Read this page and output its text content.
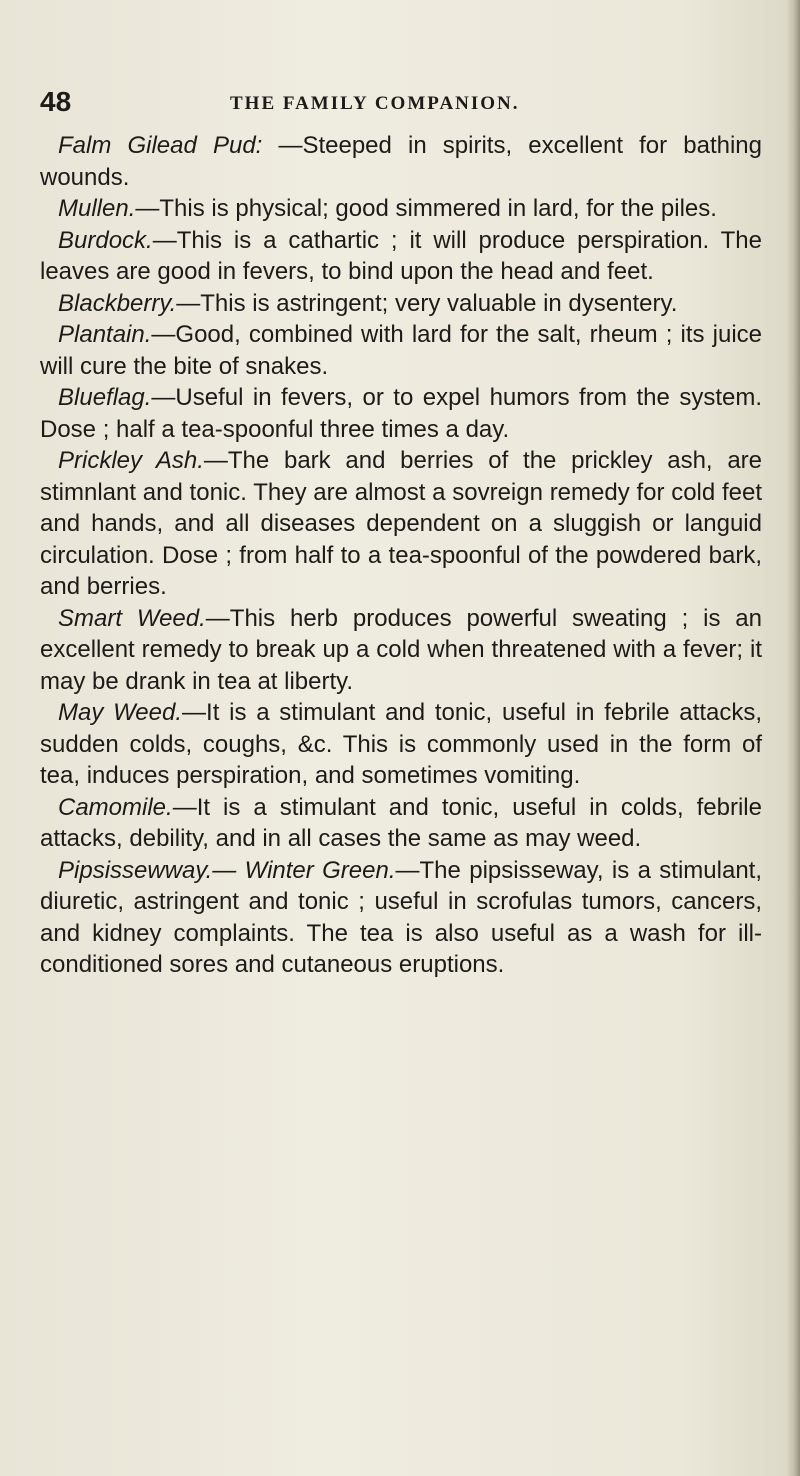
48	THE FAMILY COMPANION.

Falm Gilead Pud: —Steeped in spirits, excellent for bathing wounds.

Mullen.—This is physical; good simmered in lard, for the piles.

Burdock.—This is a cathartic ; it will produce perspiration. The leaves are good in fevers, to bind upon the head and feet.

Blackberry.—This is astringent; very valuable in dysentery.

Plantain.—Good, combined with lard for the salt, rheum ; its juice will cure the bite of snakes.

Blueflag.—Useful in fevers, or to expel humors from the system. Dose ; half a tea-spoonful three times a day.

Prickley Ash.—The bark and berries of the prickley ash, are stimnlant and tonic. They are almost a sovreign remedy for cold feet and hands, and all diseases dependent on a sluggish or languid circulation. Dose ; from half to a tea-spoonful of the powdered bark, and berries.

Smart Weed.—This herb produces powerful sweating ; is an excellent remedy to break up a cold when threatened with a fever; it may be drank in tea at liberty.

May Weed.—It is a stimulant and tonic, useful in febrile attacks, sudden colds, coughs, &c. This is commonly used in the form of tea, induces perspiration, and sometimes vomiting.

Camomile.—It is a stimulant and tonic, useful in colds, febrile attacks, debility, and in all cases the same as may weed.

Pipsissewway.— Winter Green.—The pipsisseway, is a stimulant, diuretic, astringent and tonic ; useful in scrofulas tumors, cancers, and kidney complaints. The tea is also useful as a wash for ill-conditioned sores and cutaneous eruptions.
